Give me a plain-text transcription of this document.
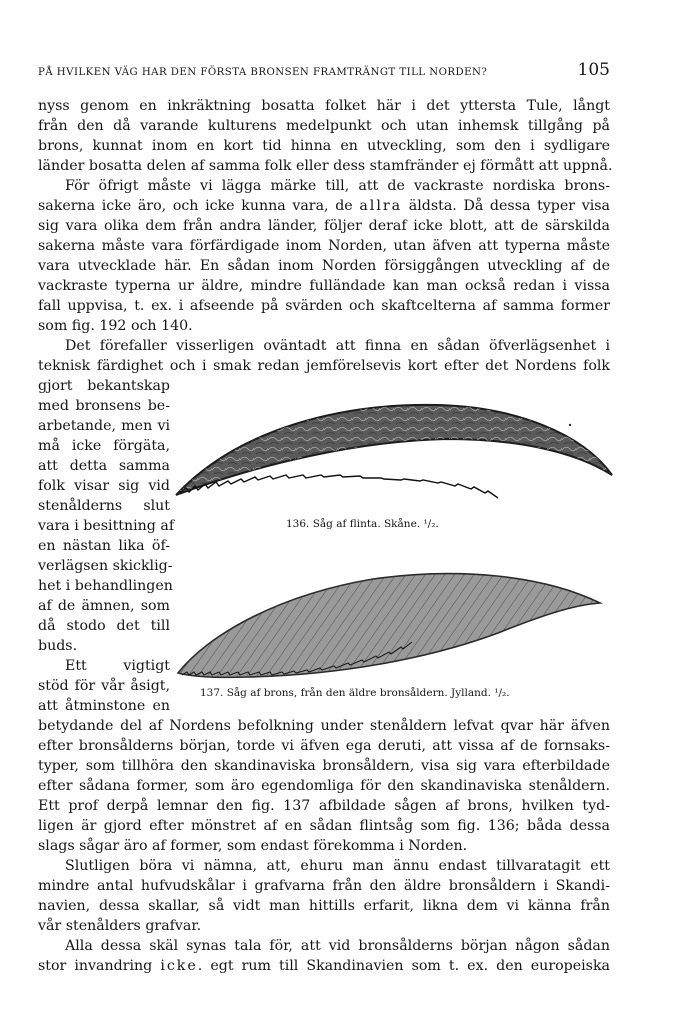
PÅ HVILKEN VÄG HAR DEN FÖRSTA BRONSEN FRAMTRÄNGT TILL NORDEN?	105
nyss genom en inkräktning bosatta folket här i det yttersta Tule, långt
från den då varande kulturens medelpunkt och utan inhemsk tillgång på
brons, kunnat inom en kort tid hinna en utveckling, som den i sydligare
länder bosatta delen af samma folk eller dess stamfränder ej förmått att uppnå.
För öfrigt måste vi lägga märke till, att de vackraste nordiska brons-
sakerna icke äro, och icke kunna vara, de allra äldsta. Då dessa typer visa
sig vara olika dem från andra länder, följer deraf icke blott, att de särskilda
sakerna måste vara förfärdigade inom Norden, utan äfven att typerna måste
vara utvecklade här. En sådan inom Norden försiggången utveckling af de
vackraste typerna ur äldre, mindre fulländade kan man också redan i vissa
fall uppvisa, t. ex. i afseende på svärden och skaftcelterna af samma former
som fig. 192 och 140.
Det förefaller visserligen oväntadt att finna en sådan öfverlägsenhet i
teknisk färdighet och i smak redan jemförelsevis kort efter det Nordens folk
gjort bekantskap
med bronsens be-
arbetande, men vi
må icke förgäta,
att detta samma
folk visar sig vid
stenålderns slut
vara i besittning af
en nästan lika öf-
verlägsen skicklig-
het i behandlingen
af de ämnen, som
då stodo det till
buds.
Ett vigtigt
stöd för vår åsigt,
att åtminstone en
betydande del af Nordens befolkning under stenåldern lefvat qvar här äfven
efter bronsålderns början, torde vi äfven ega deruti, att vissa af de fornsaks-
typer, som tillhöra den skandinaviska bronsåldern, visa sig vara efterbildade
efter sådana former, som äro egendomliga för den skandinaviska stenåldern.
Ett prof derpå lemnar den fig. 137 afbildade sågen af brons, hvilken tyd-
ligen är gjord efter mönstret af en sådan flintsåg som fig. 136; båda dessa
slags sågar äro af former, som endast förekomma i Norden.
Slutligen böra vi nämna, att, ehuru man ännu endast tillvaratagit ett
mindre antal hufvudskålar i grafvarna från den äldre bronsåldern i Skandi-
navien, dessa skallar, så vidt man hittills erfarit, likna dem vi känna från
vår stenålders grafvar.
Alla dessa skäl synas tala för, att vid bronsålderns början någon sådan
stor invandring icke. egt rum till Skandinavien som t. ex. den europeiska
136. Såg af flinta. Skåne. ¹/₂.
137. Såg af brons, från den äldre bronsåldern. Jylland. ¹/₂.
